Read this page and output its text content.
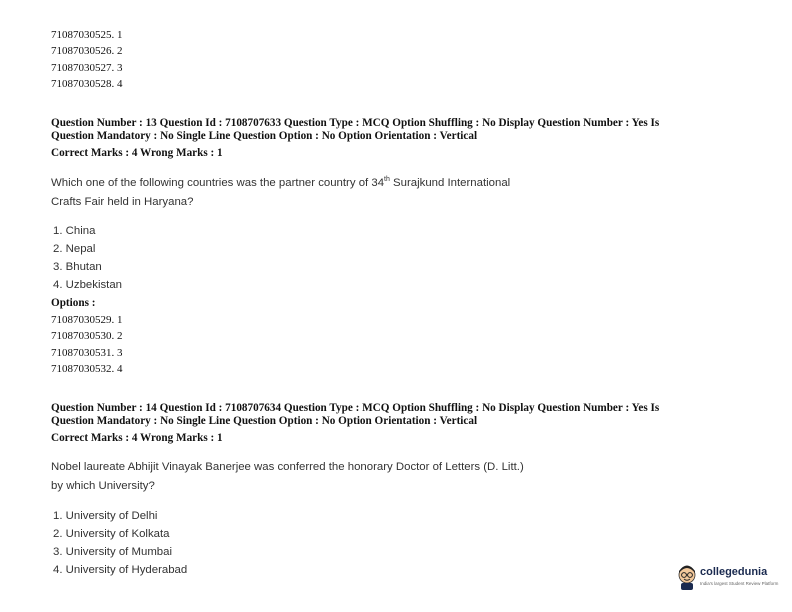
71087030525. 1
71087030526. 2
71087030527. 3
71087030528. 4
Question Number : 13 Question Id : 7108707633 Question Type : MCQ Option Shuffling : No Display Question Number : Yes Is
Question Mandatory : No Single Line Question Option : No Option Orientation : Vertical
Correct Marks : 4 Wrong Marks : 1
Which one of the following countries was the partner country of 34th Surajkund International
Crafts Fair held in Haryana?
1. China
2. Nepal
3. Bhutan
4. Uzbekistan
Options :
71087030529. 1
71087030530. 2
71087030531. 3
71087030532. 4
Question Number : 14 Question Id : 7108707634 Question Type : MCQ Option Shuffling : No Display Question Number : Yes Is
Question Mandatory : No Single Line Question Option : No Option Orientation : Vertical
Correct Marks : 4 Wrong Marks : 1
Nobel laureate Abhijit Vinayak Banerjee was conferred the honorary Doctor of Letters (D. Litt.)
by which University?
1. University of Delhi
2. University of Kolkata
3. University of Mumbai
4. University of Hyderabad	collegedunia
India's largest Student Review Platform
